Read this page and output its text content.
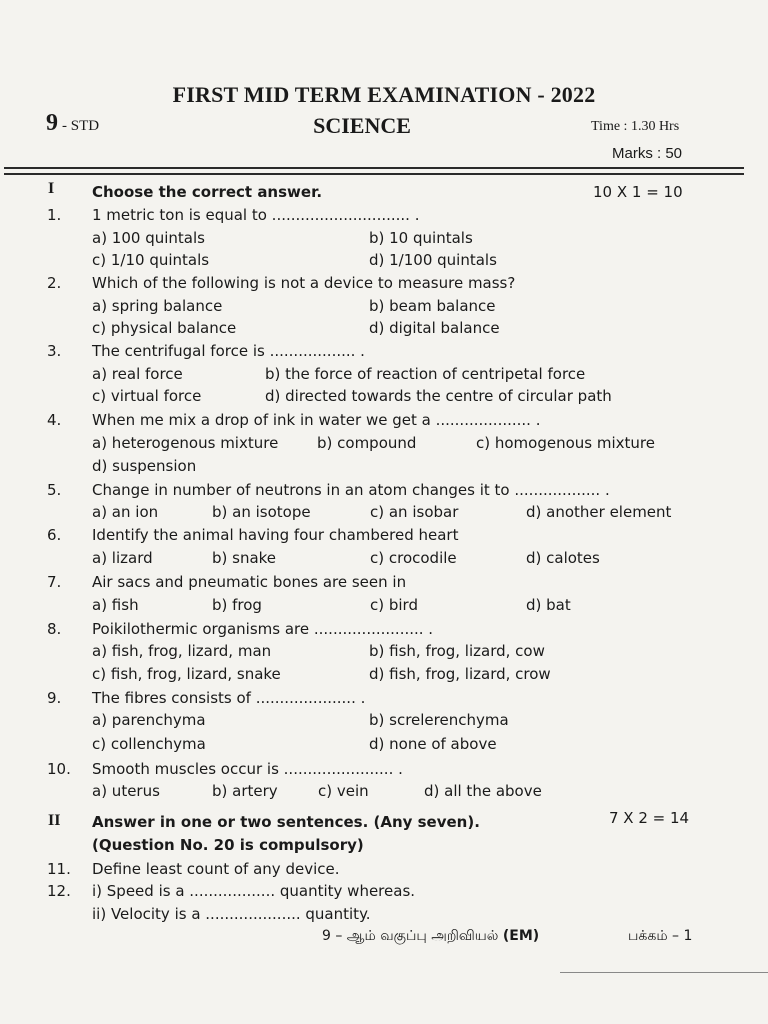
FIRST MID TERM EXAMINATION - 2022
9 - STD	SCIENCE	Time : 1.30 Hrs
Marks : 50
I	Choose the correct answer.	10 X 1 = 10
1. 1 metric ton is equal to ............................. .
a) 100 quintals	b) 10 quintals
c) 1/10 quintals	d) 1/100 quintals
2. Which of the following is not a device to measure mass?
a) spring balance	b) beam balance
c) physical balance	d) digital balance
3. The centrifugal force is .................. .
a) real force	b) the force of reaction of centripetal force
c) virtual force	d) directed towards the centre of circular path
4. When me mix a drop of ink in water we get a .................... .
a) heterogenous mixture	b) compound	c) homogenous mixture
d) suspension
5. Change in number of neutrons in an atom changes it to .................. .
a) an ion	b) an isotope	c) an isobar	d) another element
6. Identify the animal having four chambered heart
a) lizard	b) snake	c) crocodile	d) calotes
7. Air sacs and pneumatic bones are seen in
a) fish	b) frog	c) bird	d) bat
8. Poikilothermic organisms are ....................... .
a) fish, frog, lizard, man	b) fish, frog, lizard, cow
c) fish, frog, lizard, snake	d) fish, frog, lizard, crow
9. The fibres consists of ..................... .
a) parenchyma	b) screlerenchyma
c) collenchyma	d) none of above
10. Smooth muscles occur is ....................... .
a) uterus	b) artery	c) vein	d) all the above
II Answer in one or two sentences. (Any seven).	7 X 2 = 14
(Question No. 20 is compulsory)
11. Define least count of any device.
12. i) Speed is a .................. quantity whereas.
ii) Velocity is a .................... quantity.
9 – ஆம் வகுப்பு அறிவியல் (EM)	பக்கம் – 1
